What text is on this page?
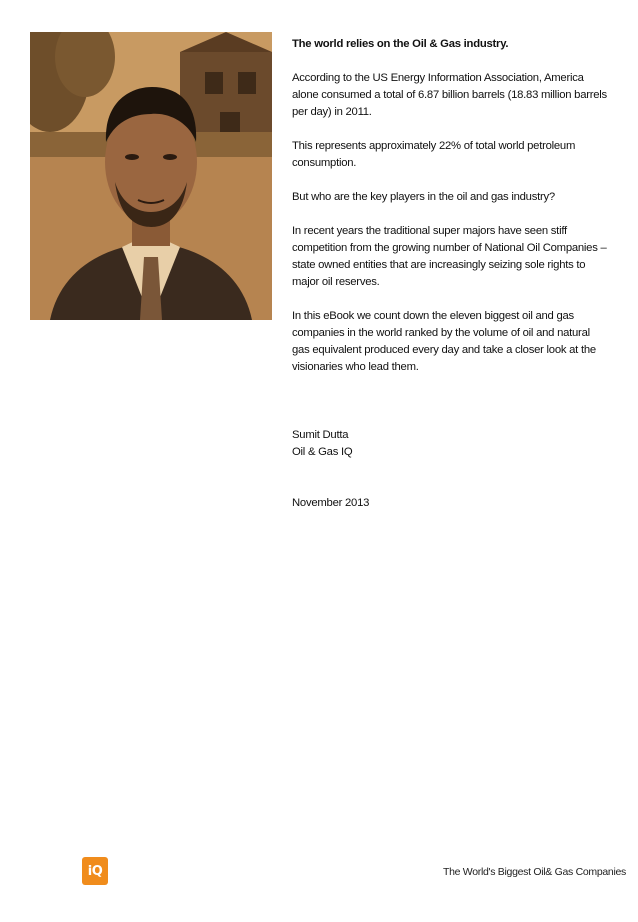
The world relies on the Oil & Gas industry.

According to the US Energy Information Association, America alone consumed a total of 6.87 billion barrels (18.83 million barrels per day) in 2011.

This represents approximately 22% of total world petroleum consumption.

But who are the key players in the oil and gas industry?

In recent years the traditional super majors have seen stiff competition from the growing number of National Oil Companies – state owned entities that are increasingly seizing sole rights to major oil reserves.

In this eBook we count down the eleven biggest oil and gas companies in the world ranked by the volume of oil and natural gas equivalent produced every day and take a closer look at the visionaries who lead them.

Sumit Dutta
Oil & Gas IQ
November 2013
iQ	The World's Biggest Oil& Gas Companies
